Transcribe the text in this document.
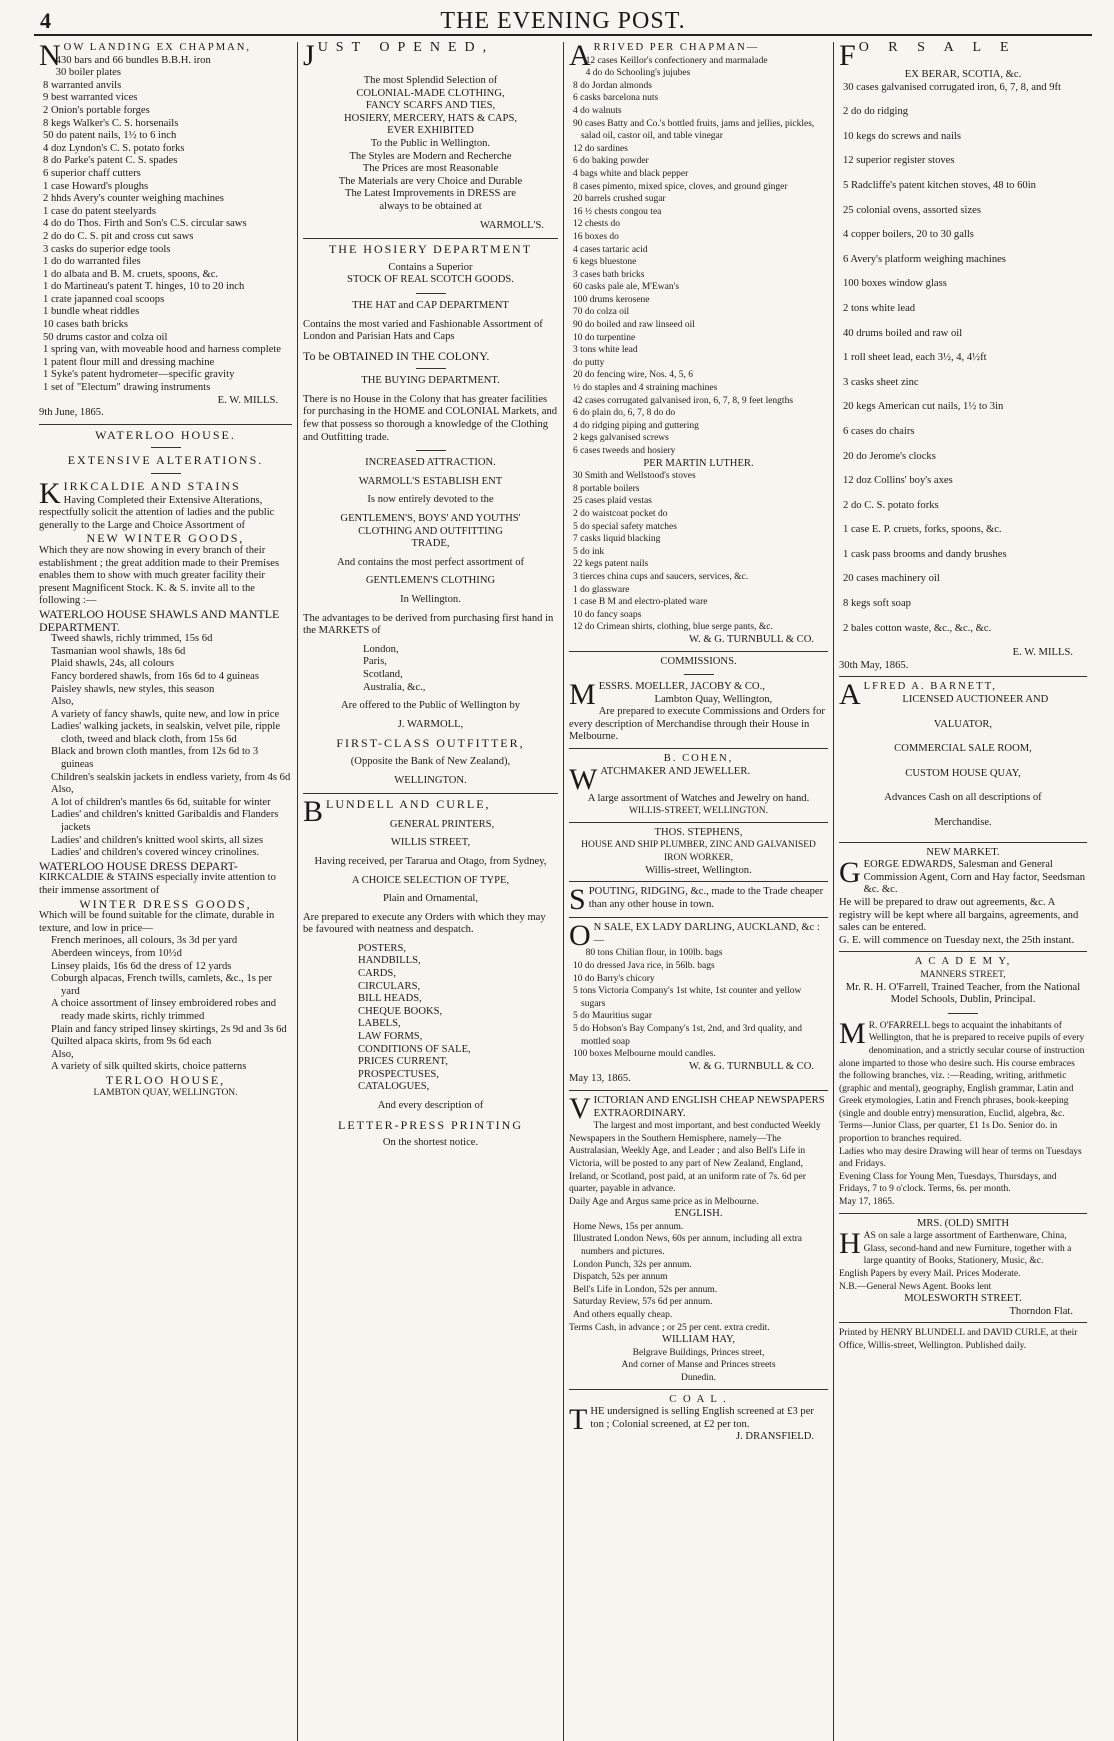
4	THE EVENING POST.
NOW LANDING EX CHAPMAN,
430 bars and 66 bundles B.B.H. iron
30 boiler plates
8 warranted anvils
9 best warranted vices
2 Onion's portable forges
8 kegs Walker's C. S. horsenails
50 do patent nails, 1½ to 6 inch
4 doz Lyndon's C. S. potato forks
8 do Parke's patent C. S. spades
6 superior chaff cutters
1 case Howard's ploughs
2 hhds Avery's counter weighing machines
1 case do patent steelyards
4 do do Thos. Firth and Son's C.S. circular saws
2 do do C. S. pit and cross cut saws
3 casks do superior edge tools
1 do do warranted files
1 do albata and B. M. cruets, spoons, &c.
1 do Martineau's patent T. hinges, 10 to 20 inch
1 crate japanned coal scoops
1 bundle wheat riddles
10 cases bath bricks
50 drums castor and colza oil
1 spring van, with moveable hood and harness complete
1 patent flour mill and dressing machine
1 Syke's patent hydrometer—specific gravity
1 set of "Electum" drawing instruments
E. W. MILLS.
9th June, 1865.
WATERLOO HOUSE.
EXTENSIVE ALTERATIONS.
KIRKCALDIE AND STAINS
Having Completed their Extensive Alterations, respectfully solicit the attention of ladies and the public generally to the Large and Choice Assortment of
NEW WINTER GOODS,
Which they are now showing in every branch of their establishment ; the great addition made to their Premises enables them to show with much greater facility their present Magnificent Stock. K. & S. invite all to the following :—
WATERLOO HOUSE SHAWLS AND MANTLE DEPARTMENT.
Tweed shawls, richly trimmed, 15s 6d
Tasmanian wool shawls, 18s 6d
Plaid shawls, 24s, all colours
Fancy bordered shawls, from 16s 6d to 4 guineas
Paisley shawls, new styles, this season
Also,
A variety of fancy shawls, quite new, and low in price
Ladies' walking jackets, in sealskin, velvet pile, ripple cloth, tweed and black cloth, from 15s 6d
Black and brown cloth mantles, from 12s 6d to 3 guineas
Children's sealskin jackets in endless variety, from 4s 6d
Also,
A lot of children's mantles 6s 6d, suitable for winter
Ladies' and children's knitted Garibaldis and Flanders jackets
Ladies' and children's knitted wool skirts, all sizes
Ladies' and children's covered wincey crinolines.
WATERLOO HOUSE DRESS DEPART-
KIRKCALDIE & STAINS especially invite attention to their immense assortment of
WINTER DRESS GOODS,
Which will be found suitable for the climate, durable in texture, and low in price—
French merinoes, all colours, 3s 3d per yard
Aberdeen winceys, from 10½d
Linsey plaids, 16s 6d the dress of 12 yards
Coburgh alpacas, French twills, camlets, &c., 1s per yard
A choice assortment of linsey embroidered robes and ready made skirts, richly trimmed
Plain and fancy striped linsey skirtings, 2s 9d and 3s 6d
Quilted alpaca skirts, from 9s 6d each
Also,
A variety of silk quilted skirts, choice patterns
TERLOO HOUSE,
LAMBTON QUAY, WELLINGTON.
JUST OPENED,
The most Splendid Selection of
COLONIAL-MADE CLOTHING,
FANCY SCARFS AND TIES,
HOSIERY, MERCERY, HATS & CAPS,
EVER EXHIBITED
To the Public in Wellington.
The Styles are Modern and Recherche
The Prices are most Reasonable
The Materials are very Choice and Durable
The Latest Improvements in DRESS are
always to be obtained at
WARMOLL'S.
THE HOSIERY DEPARTMENT
Contains a Superior
STOCK OF REAL SCOTCH GOODS.
THE HAT and CAP DEPARTMENT
Contains the most varied and Fashionable Assortment of London and Parisian Hats and Caps
To be OBTAINED IN THE COLONY.
THE BUYING DEPARTMENT.
There is no House in the Colony that has greater facilities for purchasing in the HOME and COLONIAL Markets, and few that possess so thorough a knowledge of the Clothing and Outfitting trade.
INCREASED ATTRACTION.
WARMOLL'S ESTABLISH ENT
Is now entirely devoted to the
GENTLEMEN'S, BOYS' AND YOUTHS'
CLOTHING AND OUTFITTING
TRADE,
And contains the most perfect assortment of
GENTLEMEN'S CLOTHING
In Wellington.
The advantages to be derived from purchasing first hand in the MARKETS of
London,
Paris,
Scotland,
Australia, &c.,
Are offered to the Public of Wellington by
J. WARMOLL,
FIRST-CLASS OUTFITTER,
(Opposite the Bank of New Zealand),
WELLINGTON.
BLUNDELL AND CURLE,
GENERAL PRINTERS,
WILLIS STREET,
Having received, per Tararua and Otago, from Sydney,
A CHOICE SELECTION OF TYPE,
Plain and Ornamental,
Are prepared to execute any Orders with which they may be favoured with neatness and despatch.
POSTERS,
HANDBILLS,
CARDS,
CIRCULARS,
BILL HEADS,
CHEQUE BOOKS,
LABELS,
LAW FORMS,
CONDITIONS OF SALE,
PRICES CURRENT,
PROSPECTUSES,
CATALOGUES,
And every description of
LETTER-PRESS PRINTING
On the shortest notice.
ARRIVED PER CHAPMAN—
12 cases Keillor's confectionery and marmalade
4 do do Schooling's jujubes
8 do Jordan almonds
6 casks barcelona nuts
4 do walnuts
90 cases Batty and Co.'s bottled fruits, jams and jellies, pickles, salad oil, castor oil, and table vinegar
12 do sardines
6 do baking powder
4 bags white and black pepper
8 cases pimento, mixed spice, cloves, and ground ginger
20 barrels crushed sugar
16 ½ chests congou tea
12 chests do
16 boxes do
4 cases tartaric acid
6 kegs bluestone
3 cases bath bricks
60 casks pale ale, M'Ewan's
100 drums kerosene
70 do colza oil
90 do boiled and raw linseed oil
10 do turpentine
3 tons white lead
do putty
20 do fencing wire, Nos. 4, 5, 6
½ do staples and 4 straining machines
42 cases corrugated galvanised iron, 6, 7, 8, 9 feet lengths
6 do plain do, 6, 7, 8 do do
4 do ridging piping and guttering
2 kegs galvanised screws
6 cases tweeds and hosiery
PER MARTIN LUTHER.
30 Smith and Wellstood's stoves
8 portable boilers
25 cases plaid vestas
2 do waistcoat pocket do
5 do special safety matches
7 casks liquid blacking
5 do ink
22 kegs patent nails
3 tierces china cups and saucers, services, &c.
1 do glassware
1 case B M and electro-plated ware
10 do fancy soaps
12 do Crimean shirts, clothing, blue serge pants, &c.
W. & G. TURNBULL & CO.
COMMISSIONS.
MESSRS. MOELLER, JACOBY & CO.,
Lambton Quay, Wellington,
Are prepared to execute Commissions and Orders for every description of Merchandise through their House in Melbourne.
B. COHEN,
WATCHMAKER AND JEWELLER.
A large assortment of Watches and Jewelry on hand.
WILLIS-STREET, WELLINGTON.
THOS. STEPHENS,
HOUSE AND SHIP PLUMBER, ZINC AND GALVANISED IRON WORKER,
Willis-street, Wellington.
SPOUTING, RIDGING, &c., made to the Trade cheaper than any other house in town.
O N SALE, EX LADY DARLING, AUCKLAND, &c :—
80 tons Chilian flour, in 100lb. bags
10 do dressed Java rice, in 56lb. bags
10 do Barry's chicory
5 tons Victoria Company's 1st white, 1st counter and yellow sugars
5 do Mauritius sugar
5 do Hobson's Bay Company's 1st, 2nd, and 3rd quality, and mottled soap
100 boxes Melbourne mould candles.
W. & G. TURNBULL & CO.
May 13, 1865.
VICTORIAN AND ENGLISH CHEAP NEWSPAPERS EXTRAORDINARY.
The largest and most important, and best conducted Weekly Newspapers in the Southern Hemisphere, namely—The Australasian, Weekly Age, and Leader ; and also Bell's Life in Victoria, will be posted to any part of New Zealand, England, Ireland, or Scotland, post paid, at an uniform rate of 7s. 6d per quarter, payable in advance.
Daily Age and Argus same price as in Melbourne.
ENGLISH.
Home News, 15s per annum.
Illustrated London News, 60s per annum, including all extra numbers and pictures.
London Punch, 32s per annum.
Dispatch, 52s per annum
Bell's Life in London, 52s per annum.
Saturday Review, 57s 6d per annum.
And others equally cheap.
Terms Cash, in advance ; or 25 per cent. extra credit.
WILLIAM HAY,
Belgrave Buildings, Princes street,
And corner of Manse and Princes streets
Dunedin.
C O A L .
THE undersigned is selling English screened at £3 per ton ; Colonial screened, at £2 per ton.
J. DRANSFIELD.
F O R S A L E
EX BERAR, SCOTIA, &c.
30 cases galvanised corrugated iron, 6, 7, 8, and 9ft
2 do do ridging
10 kegs do screws and nails
12 superior register stoves
5 Radcliffe's patent kitchen stoves, 48 to 60in
25 colonial ovens, assorted sizes
4 copper boilers, 20 to 30 galls
6 Avery's platform weighing machines
100 boxes window glass
2 tons white lead
40 drums boiled and raw oil
1 roll sheet lead, each 3½, 4, 4½ft
3 casks sheet zinc
20 kegs American cut nails, 1½ to 3in
6 cases do chairs
20 do Jerome's clocks
12 doz Collins' boy's axes
2 do C. S. potato forks
1 case E. P. cruets, forks, spoons, &c.
1 cask pass brooms and dandy brushes
20 cases machinery oil
8 kegs soft soap
2 bales cotton waste, &c., &c., &c.
E. W. MILLS.
30th May, 1865.
ALFRED A. BARNETT,
LICENSED AUCTIONEER AND
VALUATOR,
COMMERCIAL SALE ROOM,
CUSTOM HOUSE QUAY,
Advances Cash on all descriptions of
Merchandise.
NEW MARKET.
GEORGE EDWARDS, Salesman and General Commission Agent, Corn and Hay factor, Seedsman &c. &c.
He will be prepared to draw out agreements, &c. A registry will be kept where all bargains, agreements, and sales can be entered.
G. E. will commence on Tuesday next, the 25th instant.
A C A D E M Y,
MANNERS STREET,
Mr. R. H. O'Farrell, Trained Teacher, from the National Model Schools, Dublin, Principal.
M R. O'FARRELL begs to acquaint the inhabitants of Wellington, that he is prepared to receive pupils of every denomination, and a strictly secular course of instruction alone imparted to those who desire such. His course embraces the following branches, viz. :—Reading, writing, arithmetic (graphic and mental), geography, English grammar, Latin and Greek etymologies, Latin and French phrases, book-keeping (single and double entry) mensuration, Euclid, algebra, &c.
Terms—Junior Class, per quarter, £1 1s Do. Senior do. in proportion to branches required.
Ladies who may desire Drawing will hear of terms on Tuesdays and Fridays.
Evening Class for Young Men, Tuesdays, Thursdays, and Fridays, 7 to 9 o'clock. Terms, 6s. per month.
May 17, 1865.
MRS. (OLD) SMITH
HAS on sale a large assortment of Earthenware, China, Glass, second-hand and new Furniture, together with a large quantity of Books, Stationery, Music, &c.
English Papers by every Mail. Prices Moderate.
N.B.—General News Agent. Books lent
MOLESWORTH STREET.
Thorndon Flat.
Printed by HENRY BLUNDELL and DAVID CURLE, at their Office, Willis-street, Wellington. Published daily.
